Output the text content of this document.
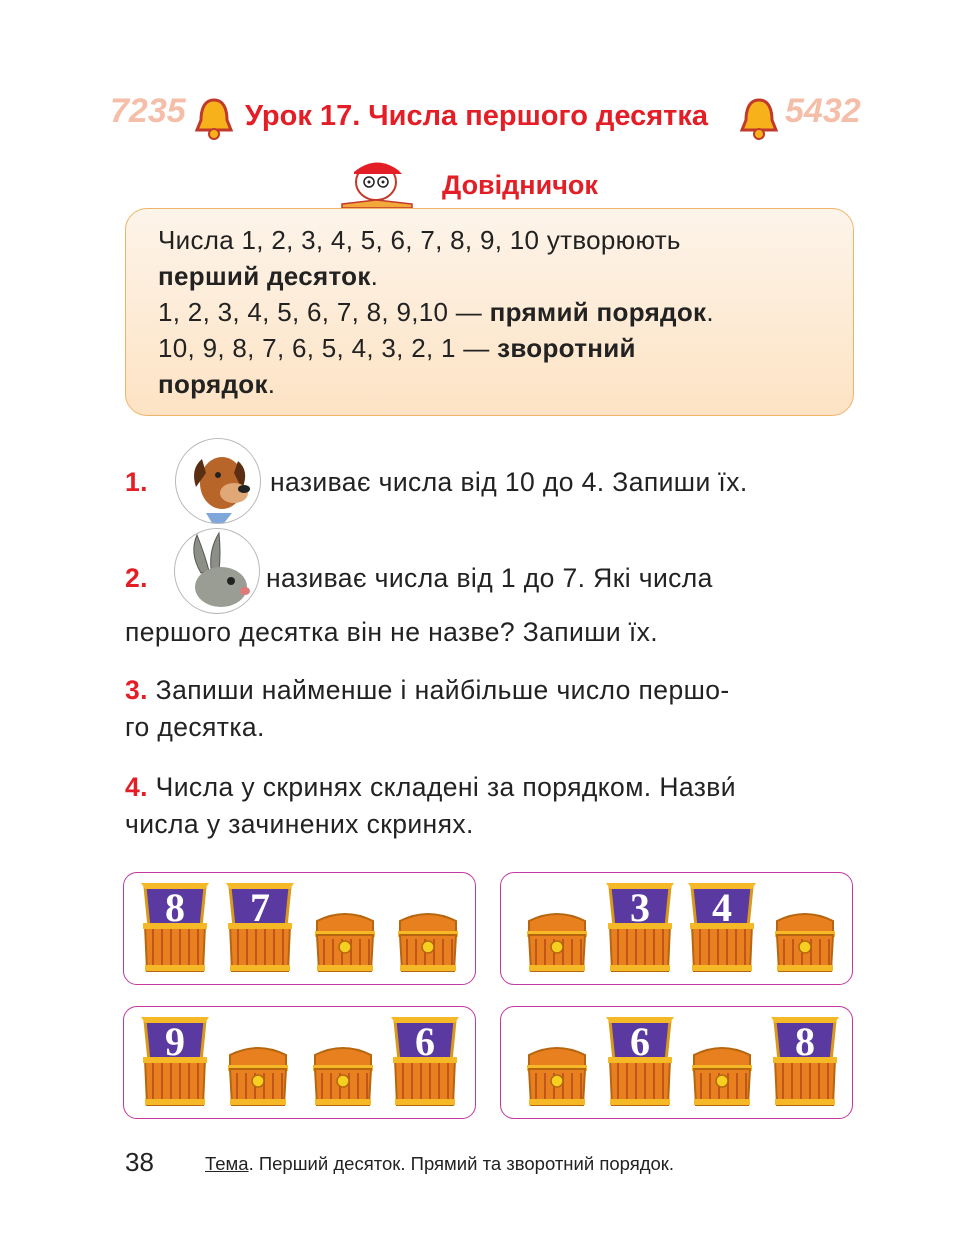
7235 Урок 17. Числа першого десятка 5432
Довідничок
Числа 1, 2, 3, 4, 5, 6, 7, 8, 9, 10 утворюють
перший десяток.
1, 2, 3, 4, 5, 6, 7, 8, 9,10 — прямий порядок.
10, 9, 8, 7, 6, 5, 4, 3, 2, 1 — зворотний
порядок.
1.	називає числа від 10 до 4. Запиши їх.
2.	називає числа від 1 до 7. Які числа
першого десятка він не назве? Запиши їх.
3. Запиши найменше і найбільше число першо-
го десятка.
4. Числа у скринях складені за порядком. Назви́
числа у зачинених скринях.
8 7	3 4
9	6	6	8
38	Тема. Перший десяток. Прямий та зворотний порядок.
